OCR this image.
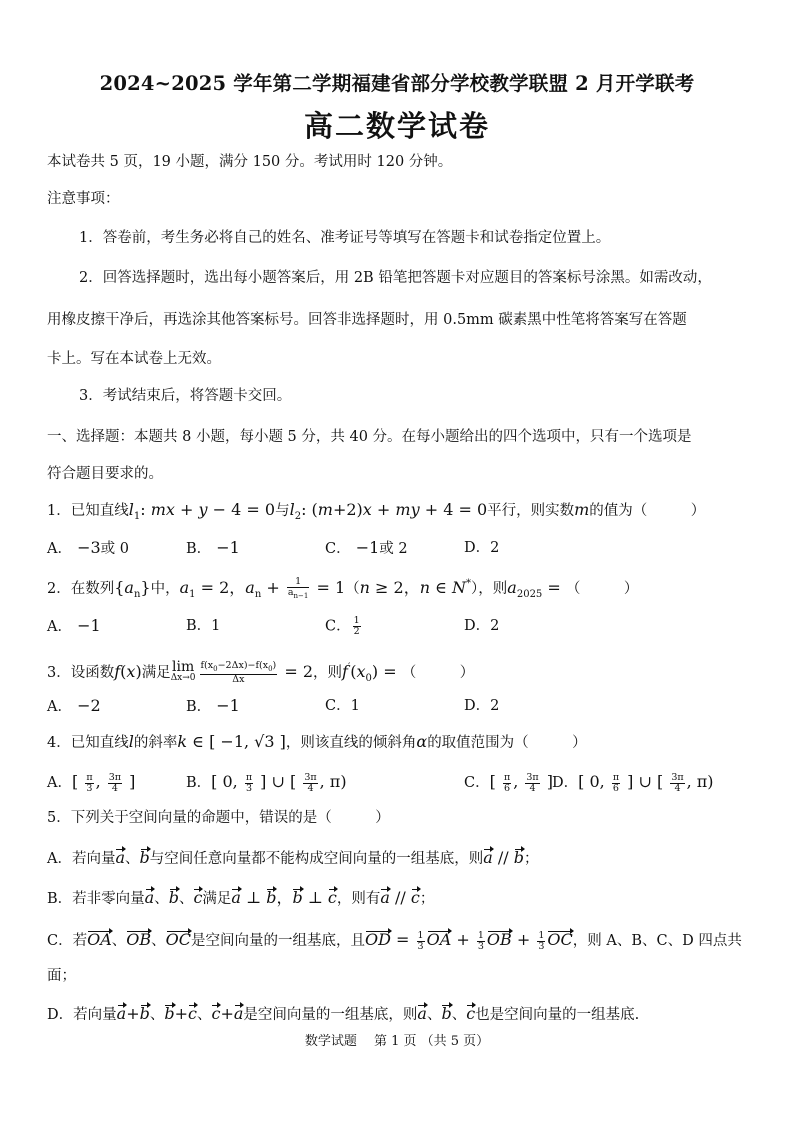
2024~2025 学年第二学期福建省部分学校教学联盟 2 月开学联考
高二数学试卷
本试卷共 5 页，19 小题，满分 150 分。考试用时 120 分钟。
注意事项：
1．答卷前，考生务必将自己的姓名、准考证号等填写在答题卡和试卷指定位置上。
2．回答选择题时，选出每小题答案后，用 2B 铅笔把答题卡对应题目的答案标号涂黑。如需改动，
用橡皮擦干净后，再选涂其他答案标号。回答非选择题时，用 0.5mm 碳素黑中性笔将答案写在答题
卡上。写在本试卷上无效。
3．考试结束后，将答题卡交回。
一、选择题：本题共 8 小题，每小题 5 分，共 40 分。在每小题给出的四个选项中，只有一个选项是
符合题目要求的。
1．已知直线$l_1$: mx + y − 4 = 0与$l_2$: (m+2)x + my + 4 = 0平行，则实数m的值为（　　　）
A． −3或 0	B． −1	C． −1或 2	D．2
2．在数列$\{a_n\}$中，$a_1 = 2$，$a_n + \frac{1}{a_{n-1}} = 1(n \ge 2$，n ∈ N*），则$a_{2025}$ = （　　　）
A． −1	B．1	C． $\frac{1}{2}$	D．2
3．设函数f(x)满足 lim
$\Delta x\to 0 \frac{f(x_0-2\Delta x)-f(x_0)}{\Delta x} = 2$，则$f'(x_0)$ = （　　　）
A． −2	B． −1	C．1	D．2
4．已知直线l的斜率k ∈ [ −1, √3 ]，则该直线的倾斜角α的取值范围为（　　　）
A．[ $\frac{\pi}{3}$ , $\frac{3\pi}{4}$ ]	B．[ 0, $\frac{\pi}{3}$ ] ∪ [ $\frac{3\pi}{4}$ , π)	C．[ $\frac{\pi}{6}$ , $\frac{3\pi}{4}$ ] D．[ 0, $\frac{\pi}{6}$ ] ∪ [ $\frac{3\pi}{4}$ , π)
5．下列关于空间向量的命题中，错误的是（　　　）
A．若向量a、b与空间任意向量都不能构成空间向量的一组基底，则a // b；
B．若非零向量a、b、c满足a ⊥ b，b ⊥ c，则有a // c；
C．若OA、OB、OC是空间向量的一组基底，且OD = $\frac{1}{3}$ OA + $\frac{1}{3}$ OB + $\frac{1}{3}$ OC，则 A、B、C、D 四点共
面；
D．若向量a+b、b+c、c+a是空间向量的一组基底，则a、b、c也是空间向量的一组基底.
数学试题　 第 1 页 （共 5 页）
